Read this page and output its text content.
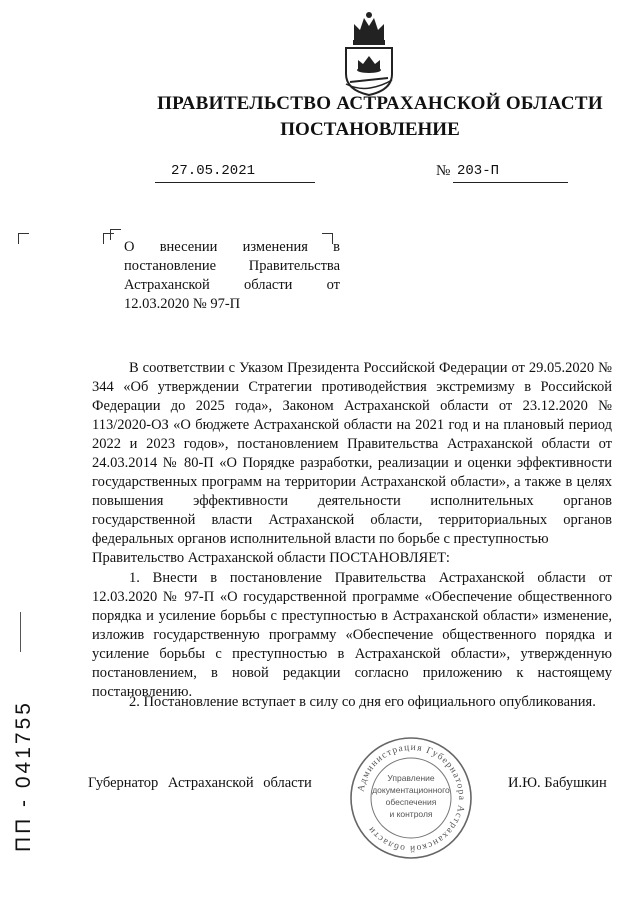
ПРАВИТЕЛЬСТВО АСТРАХАНСКОЙ ОБЛАСТИ
ПОСТАНОВЛЕНИЕ
27.05.2021	№ 203-П
О внесении изменения в постановление Правительства Астраханской области от 12.03.2020 № 97-П

В соответствии с Указом Президента Российской Федерации от 29.05.2020 № 344 «Об утверждении Стратегии противодействия экстремизму в Российской Федерации до 2025 года», Законом Астраханской области от 23.12.2020 № 113/2020-ОЗ «О бюджете Астраханской области на 2021 год и на плановый период 2022 и 2023 годов», постановлением Правительства Астраханской области от 24.03.2014 № 80-П «О Порядке разработки, реализации и оценки эффективности государственных программ на территории Астраханской области», а также в целях повышения эффективности деятельности исполнительных органов государственной власти Астраханской области, территориальных органов федеральных органов исполнительной власти по борьбе с преступностью

Правительство Астраханской области ПОСТАНОВЛЯЕТ:

1. Внести в постановление Правительства Астраханской области от 12.03.2020 № 97-П «О государственной программе «Обеспечение общественного порядка и усиление борьбы с преступностью в Астраханской области» изменение, изложив государственную программу «Обеспечение общественного порядка и усиление борьбы с преступностью в Астраханской области», утвержденную постановлением, в новой редакции согласно приложению к настоящему постановлению.

2. Постановление вступает в силу со дня его официального опубликования.

Губернатор Астраханской области	И.Ю. Бабушкин
Администрация Губернатора Астраханской области
Управление
документационного
обеспечения
и контроля
ПП - 041755
